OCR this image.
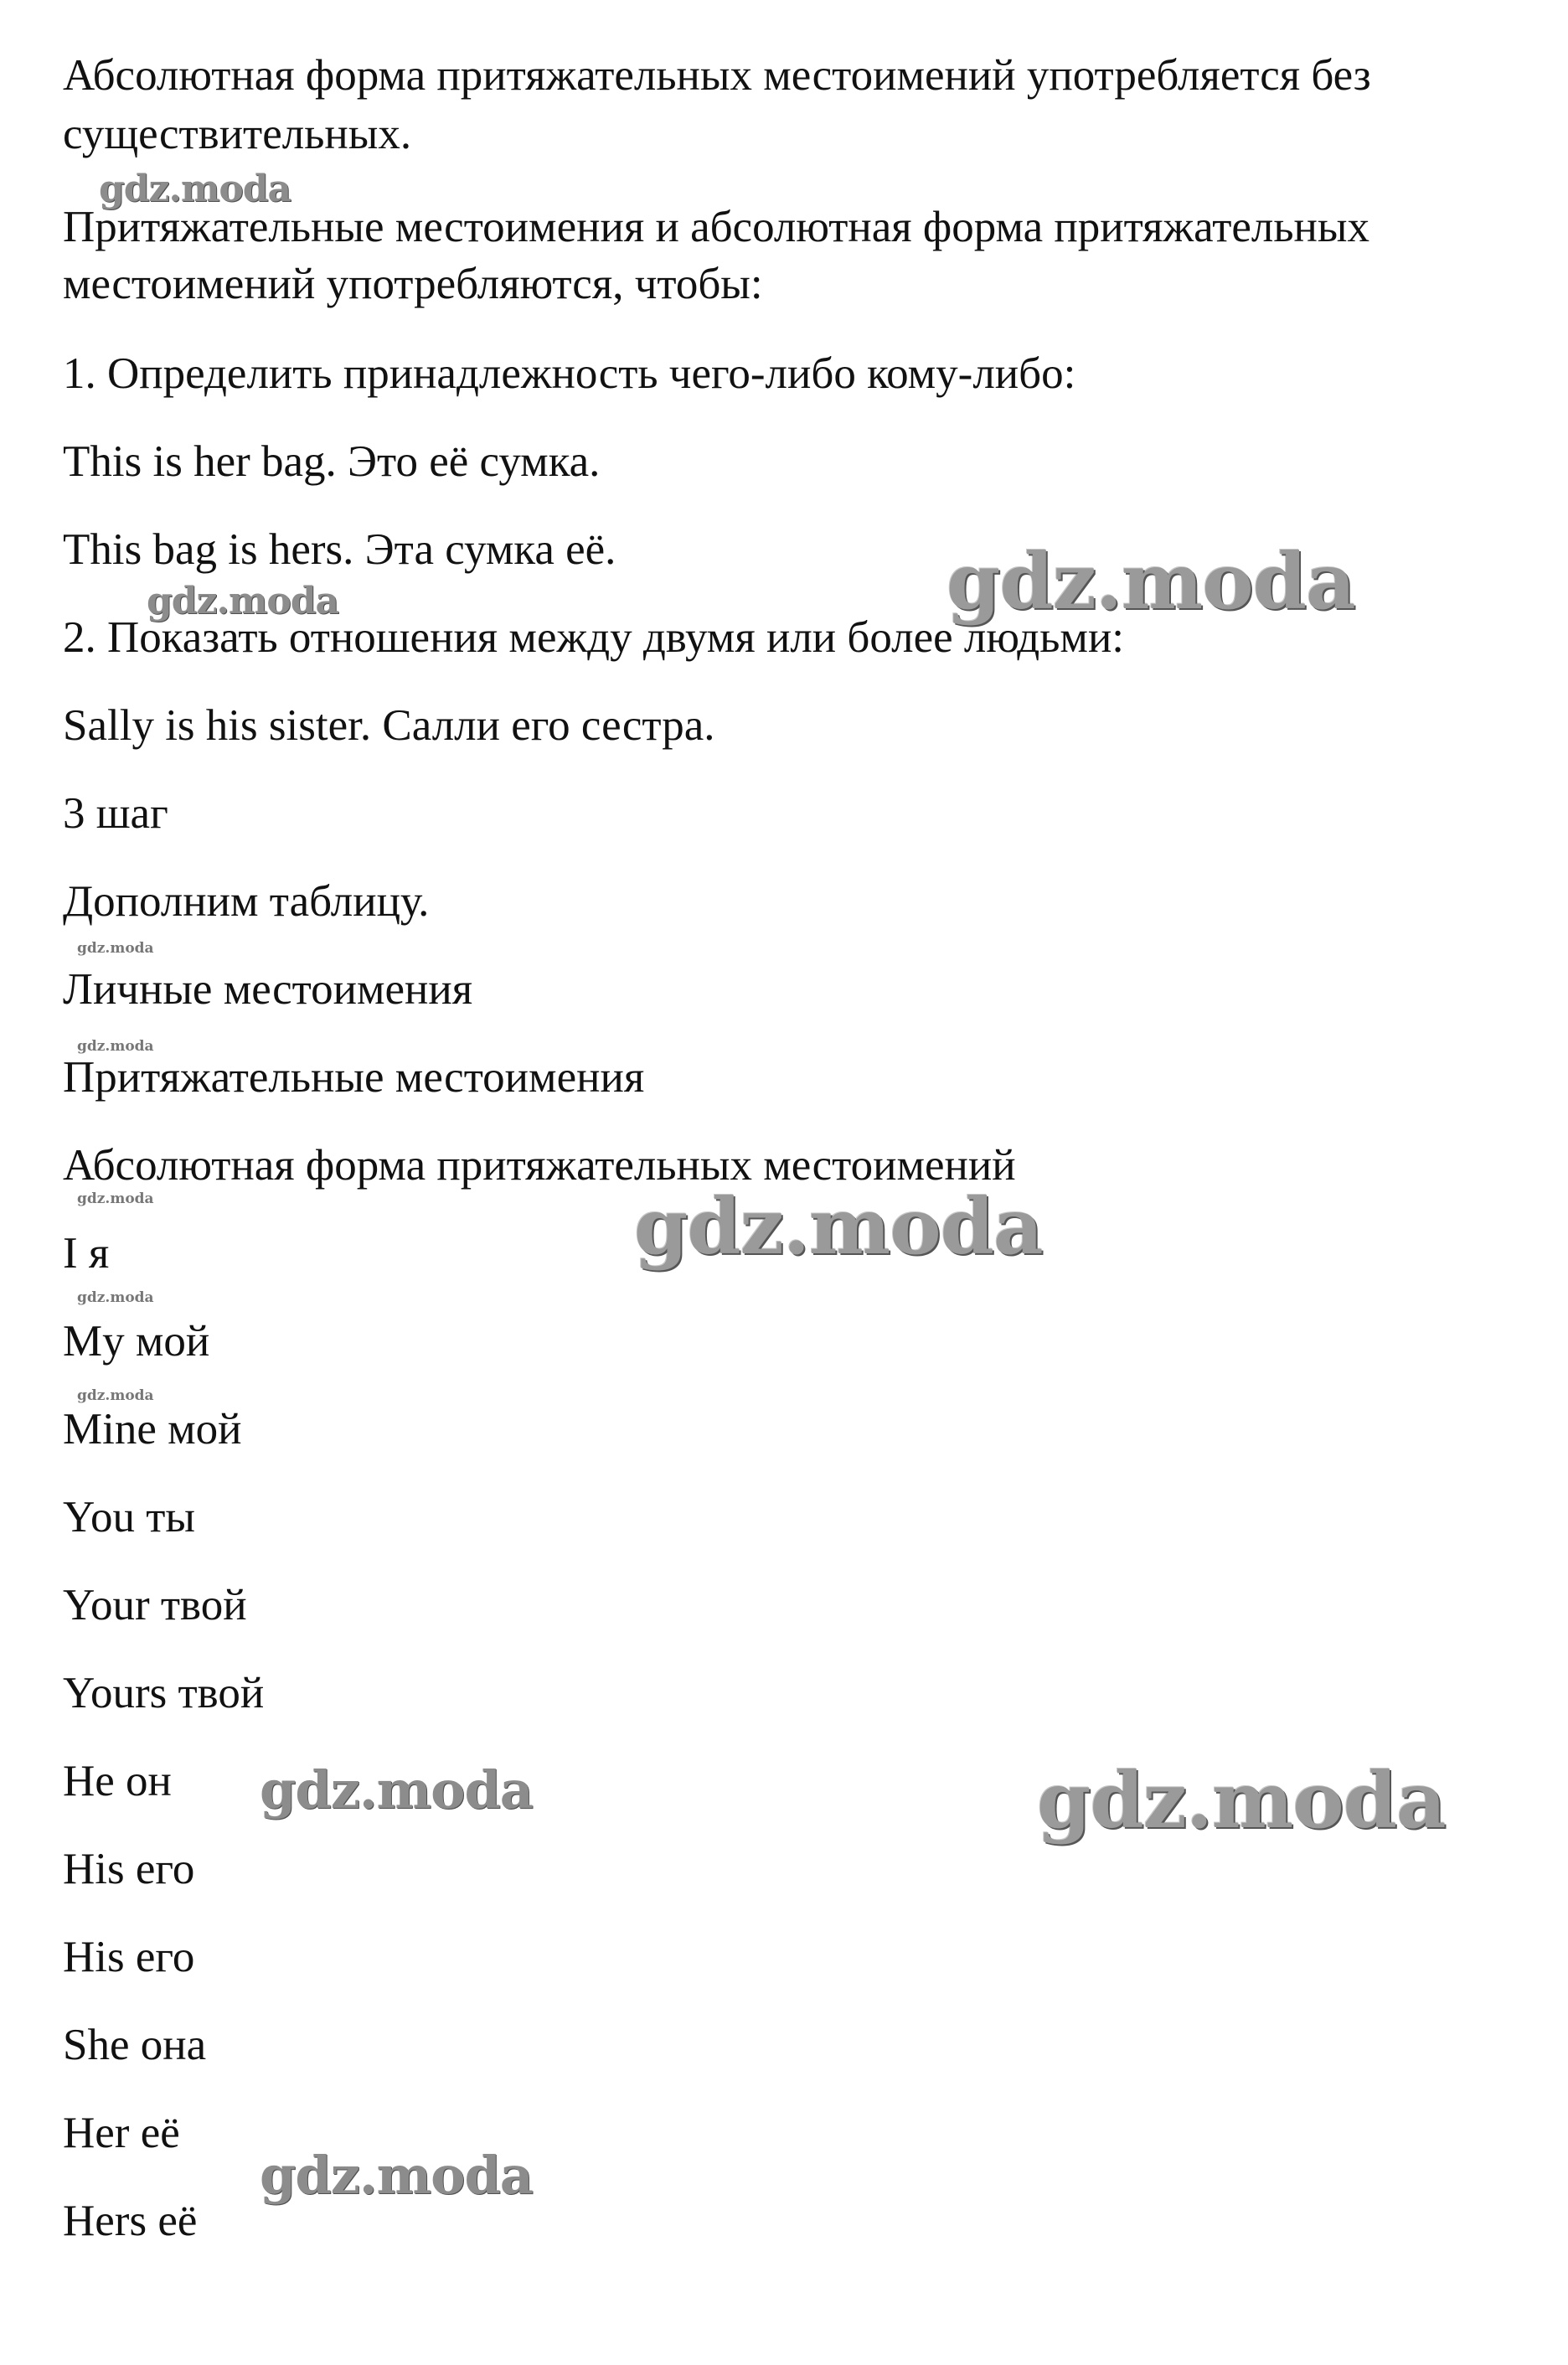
Абсолютная форма притяжательных местоимений употребляется без
существительных.
Притяжательные местоимения и абсолютная форма притяжательных
местоимений употребляются, чтобы:
1. Определить принадлежность чего-либо кому-либо:
This is her bag. Это её сумка.
This bag is hers. Эта сумка её.
2. Показать отношения между двумя или более людьми:
Sally is his sister. Салли его сестра.
3 шаг
Дополним таблицу.
Личные местоимения
Притяжательные местоимения
Абсолютная форма притяжательных местоимений
I я
My мой
Mine мой
You ты
Your твой
Yours твой
He он
His его
His его
She она
Her её
Hers её
gdz.moda
gdz.moda
gdz.moda
gdz.moda
gdz.moda
gdz.moda	gdz.moda
gdz.moda
gdz.moda
gdz.moda	gdz.moda
gdz.moda
